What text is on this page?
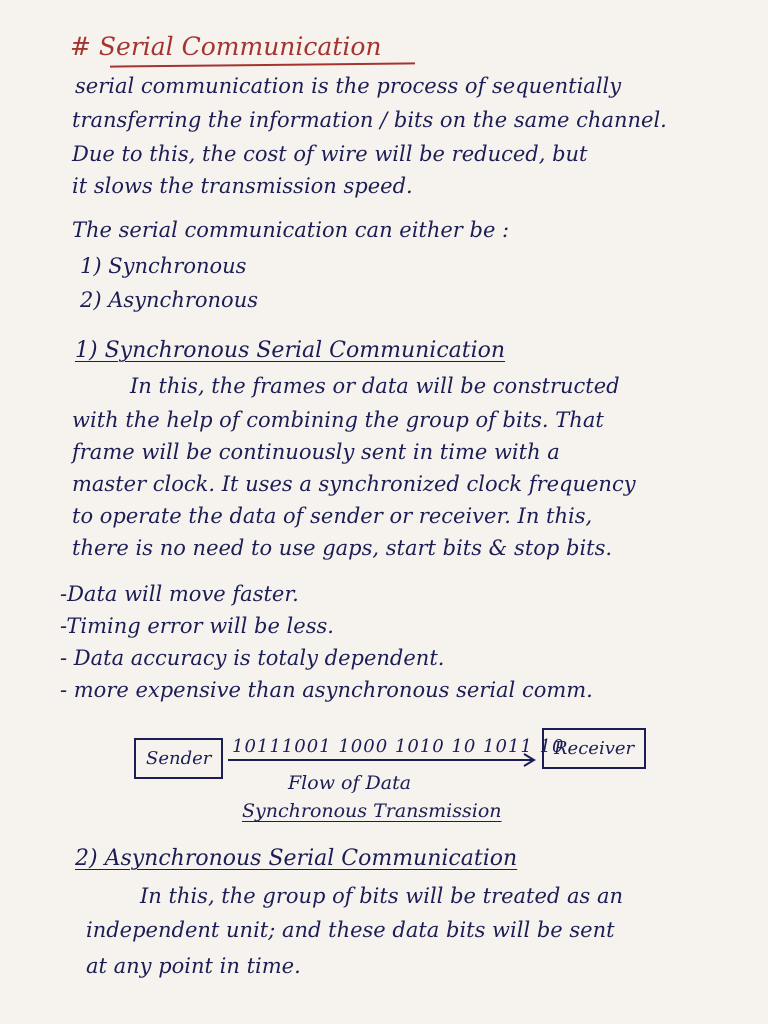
# Serial Communication
serial communication is the process of sequentially
transferring the information / bits on the same channel.
Due to this, the cost of wire will be reduced, but
it slows the transmission speed.
The serial communication can either be :
1) Synchronous
2) Asynchronous
1) Synchronous Serial Communication
In this, the frames or data will be constructed
with the help of combining the group of bits. That
frame will be continuously sent in time with a
master clock. It uses a synchronized clock frequency
to operate the data of sender or receiver. In this,
there is no need to use gaps, start bits & stop bits.
-Data will move faster.
-Timing error will be less.
- Data accuracy is totaly dependent.
- more expensive than asynchronous serial comm.
Sender
10111001 1000 1010 10 1011 10
Receiver
Flow of Data
Synchronous Transmission
2) Asynchronous Serial Communication
In this, the group of bits will be treated as an
independent unit; and these data bits will be sent
at any point in time.
